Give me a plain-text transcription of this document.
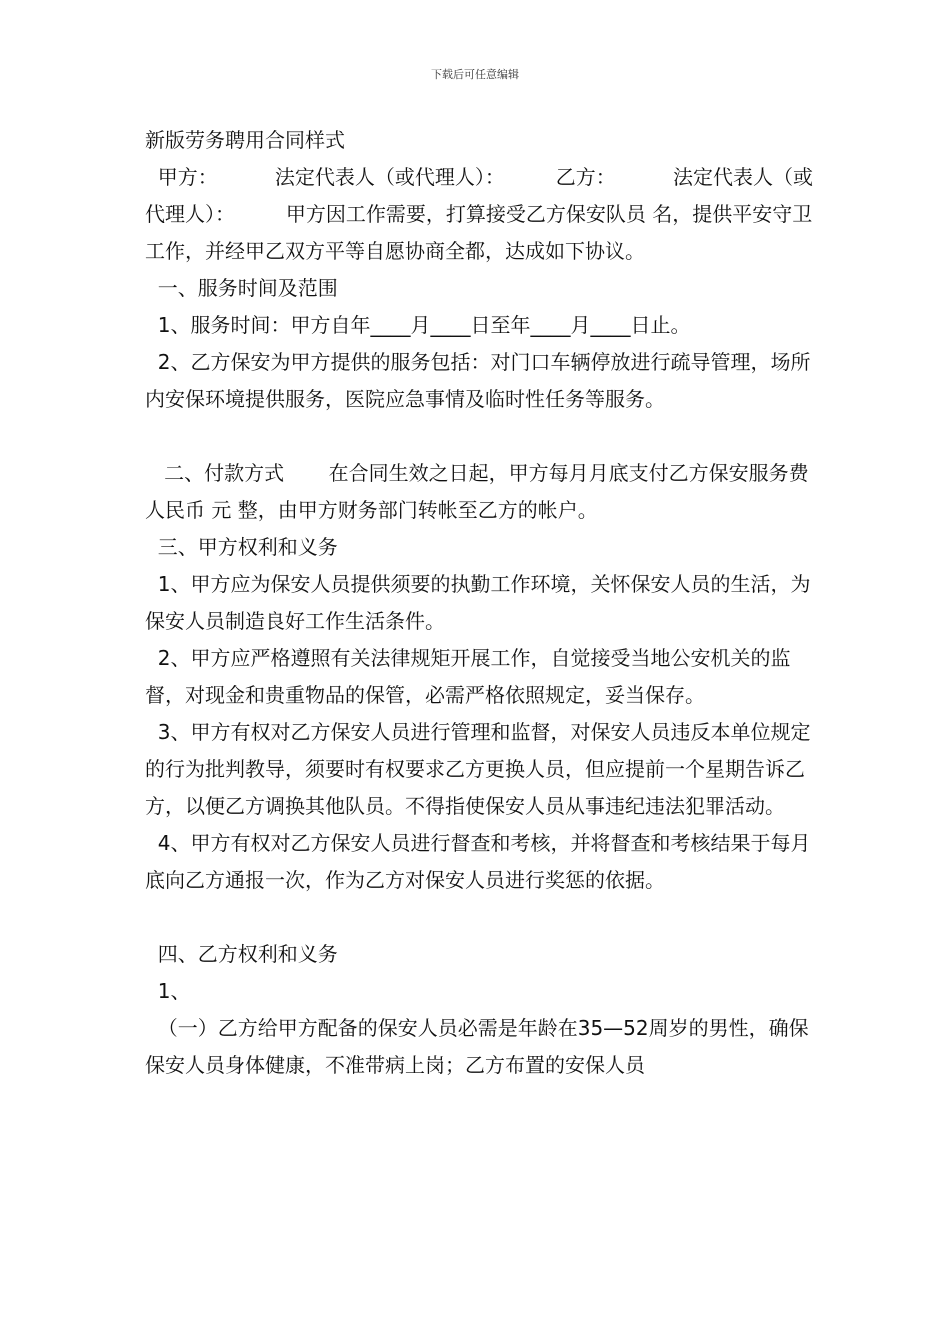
下载后可任意编辑

新版劳务聘用合同样式

甲方：         法定代表人（或代理人）：        乙方：         法定代表人（或代理人）：        甲方因工作需要，打算接受乙方保安队员 名，提供平安守卫工作，并经甲乙双方平等自愿协商全都，达成如下协议。

一、服务时间及范围

1、服务时间：甲方自年____月____日至年____月____日止。

2、乙方保安为甲方提供的服务包括：对门口车辆停放进行疏导管理，场所内安保环境提供服务，医院应急事情及临时性任务等服务。

二、付款方式       在合同生效之日起，甲方每月月底支付乙方保安服务费人民币 元 整，由甲方财务部门转帐至乙方的帐户。

三、甲方权利和义务

1、甲方应为保安人员提供须要的执勤工作环境，关怀保安人员的生活，为保安人员制造良好工作生活条件。

2、甲方应严格遵照有关法律规矩开展工作，自觉接受当地公安机关的监督，对现金和贵重物品的保管，必需严格依照规定，妥当保存。

3、甲方有权对乙方保安人员进行管理和监督，对保安人员违反本单位规定的行为批判教导，须要时有权要求乙方更换人员，但应提前一个星期告诉乙方，以便乙方调换其他队员。不得指使保安人员从事违纪违法犯罪活动。

4、甲方有权对乙方保安人员进行督查和考核，并将督查和考核结果于每月底向乙方通报一次，作为乙方对保安人员进行奖惩的依据。

四、乙方权利和义务

1、

（一）乙方给甲方配备的保安人员必需是年龄在35—52周岁的男性，确保保安人员身体健康，不准带病上岗；乙方布置的安保人员
